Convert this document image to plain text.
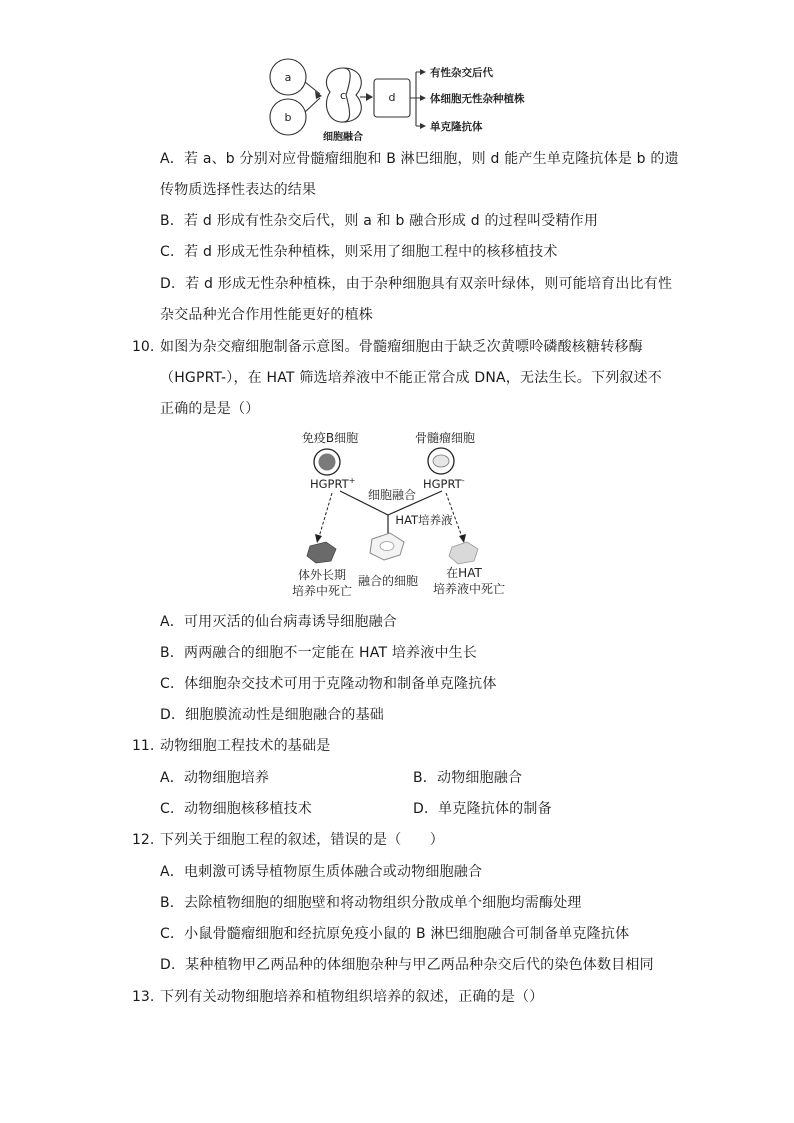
a
b
c	d
细胞融合
有性杂交后代
体细胞无性杂种植株
单克隆抗体
A．若 a、b 分别对应骨髓瘤细胞和 B 淋巴细胞，则 d 能产生单克隆抗体是 b 的遗
传物质选择性表达的结果
B．若 d 形成有性杂交后代，则 a 和 b 融合形成 d 的过程叫受精作用
C．若 d 形成无性杂种植株，则采用了细胞工程中的核移植技术
D．若 d 形成无性杂种植株，由于杂种细胞具有双亲叶绿体，则可能培育出比有性
杂交品种光合作用性能更好的植株
10. 如图为杂交瘤细胞制备示意图。骨髓瘤细胞由于缺乏次黄嘌呤磷酸核糖转移酶
（HGPRT-），在 HAT 筛选培养液中不能正常合成 DNA，无法生长。下列叙述不
正确的是是（）
免疫B细胞	骨髓瘤细胞
HGPRT+	HGPRT-
细胞融合
HAT培养液
体外长期
培养中死亡
融合的细胞
在HAT
培养液中死亡
A．可用灭活的仙台病毒诱导细胞融合
B．两两融合的细胞不一定能在 HAT 培养液中生长
C．体细胞杂交技术可用于克隆动物和制备单克隆抗体
D．细胞膜流动性是细胞融合的基础
11. 动物细胞工程技术的基础是
A．动物细胞培养	B．动物细胞融合
C．动物细胞核移植技术	D．单克隆抗体的制备
12. 下列关于细胞工程的叙述，错误的是（　　）
A．电刺激可诱导植物原生质体融合或动物细胞融合
B．去除植物细胞的细胞壁和将动物组织分散成单个细胞均需酶处理
C．小鼠骨髓瘤细胞和经抗原免疫小鼠的 B 淋巴细胞融合可制备单克隆抗体
D．某种植物甲乙两品种的体细胞杂种与甲乙两品种杂交后代的染色体数目相同
13. 下列有关动物细胞培养和植物组织培养的叙述，正确的是（）
